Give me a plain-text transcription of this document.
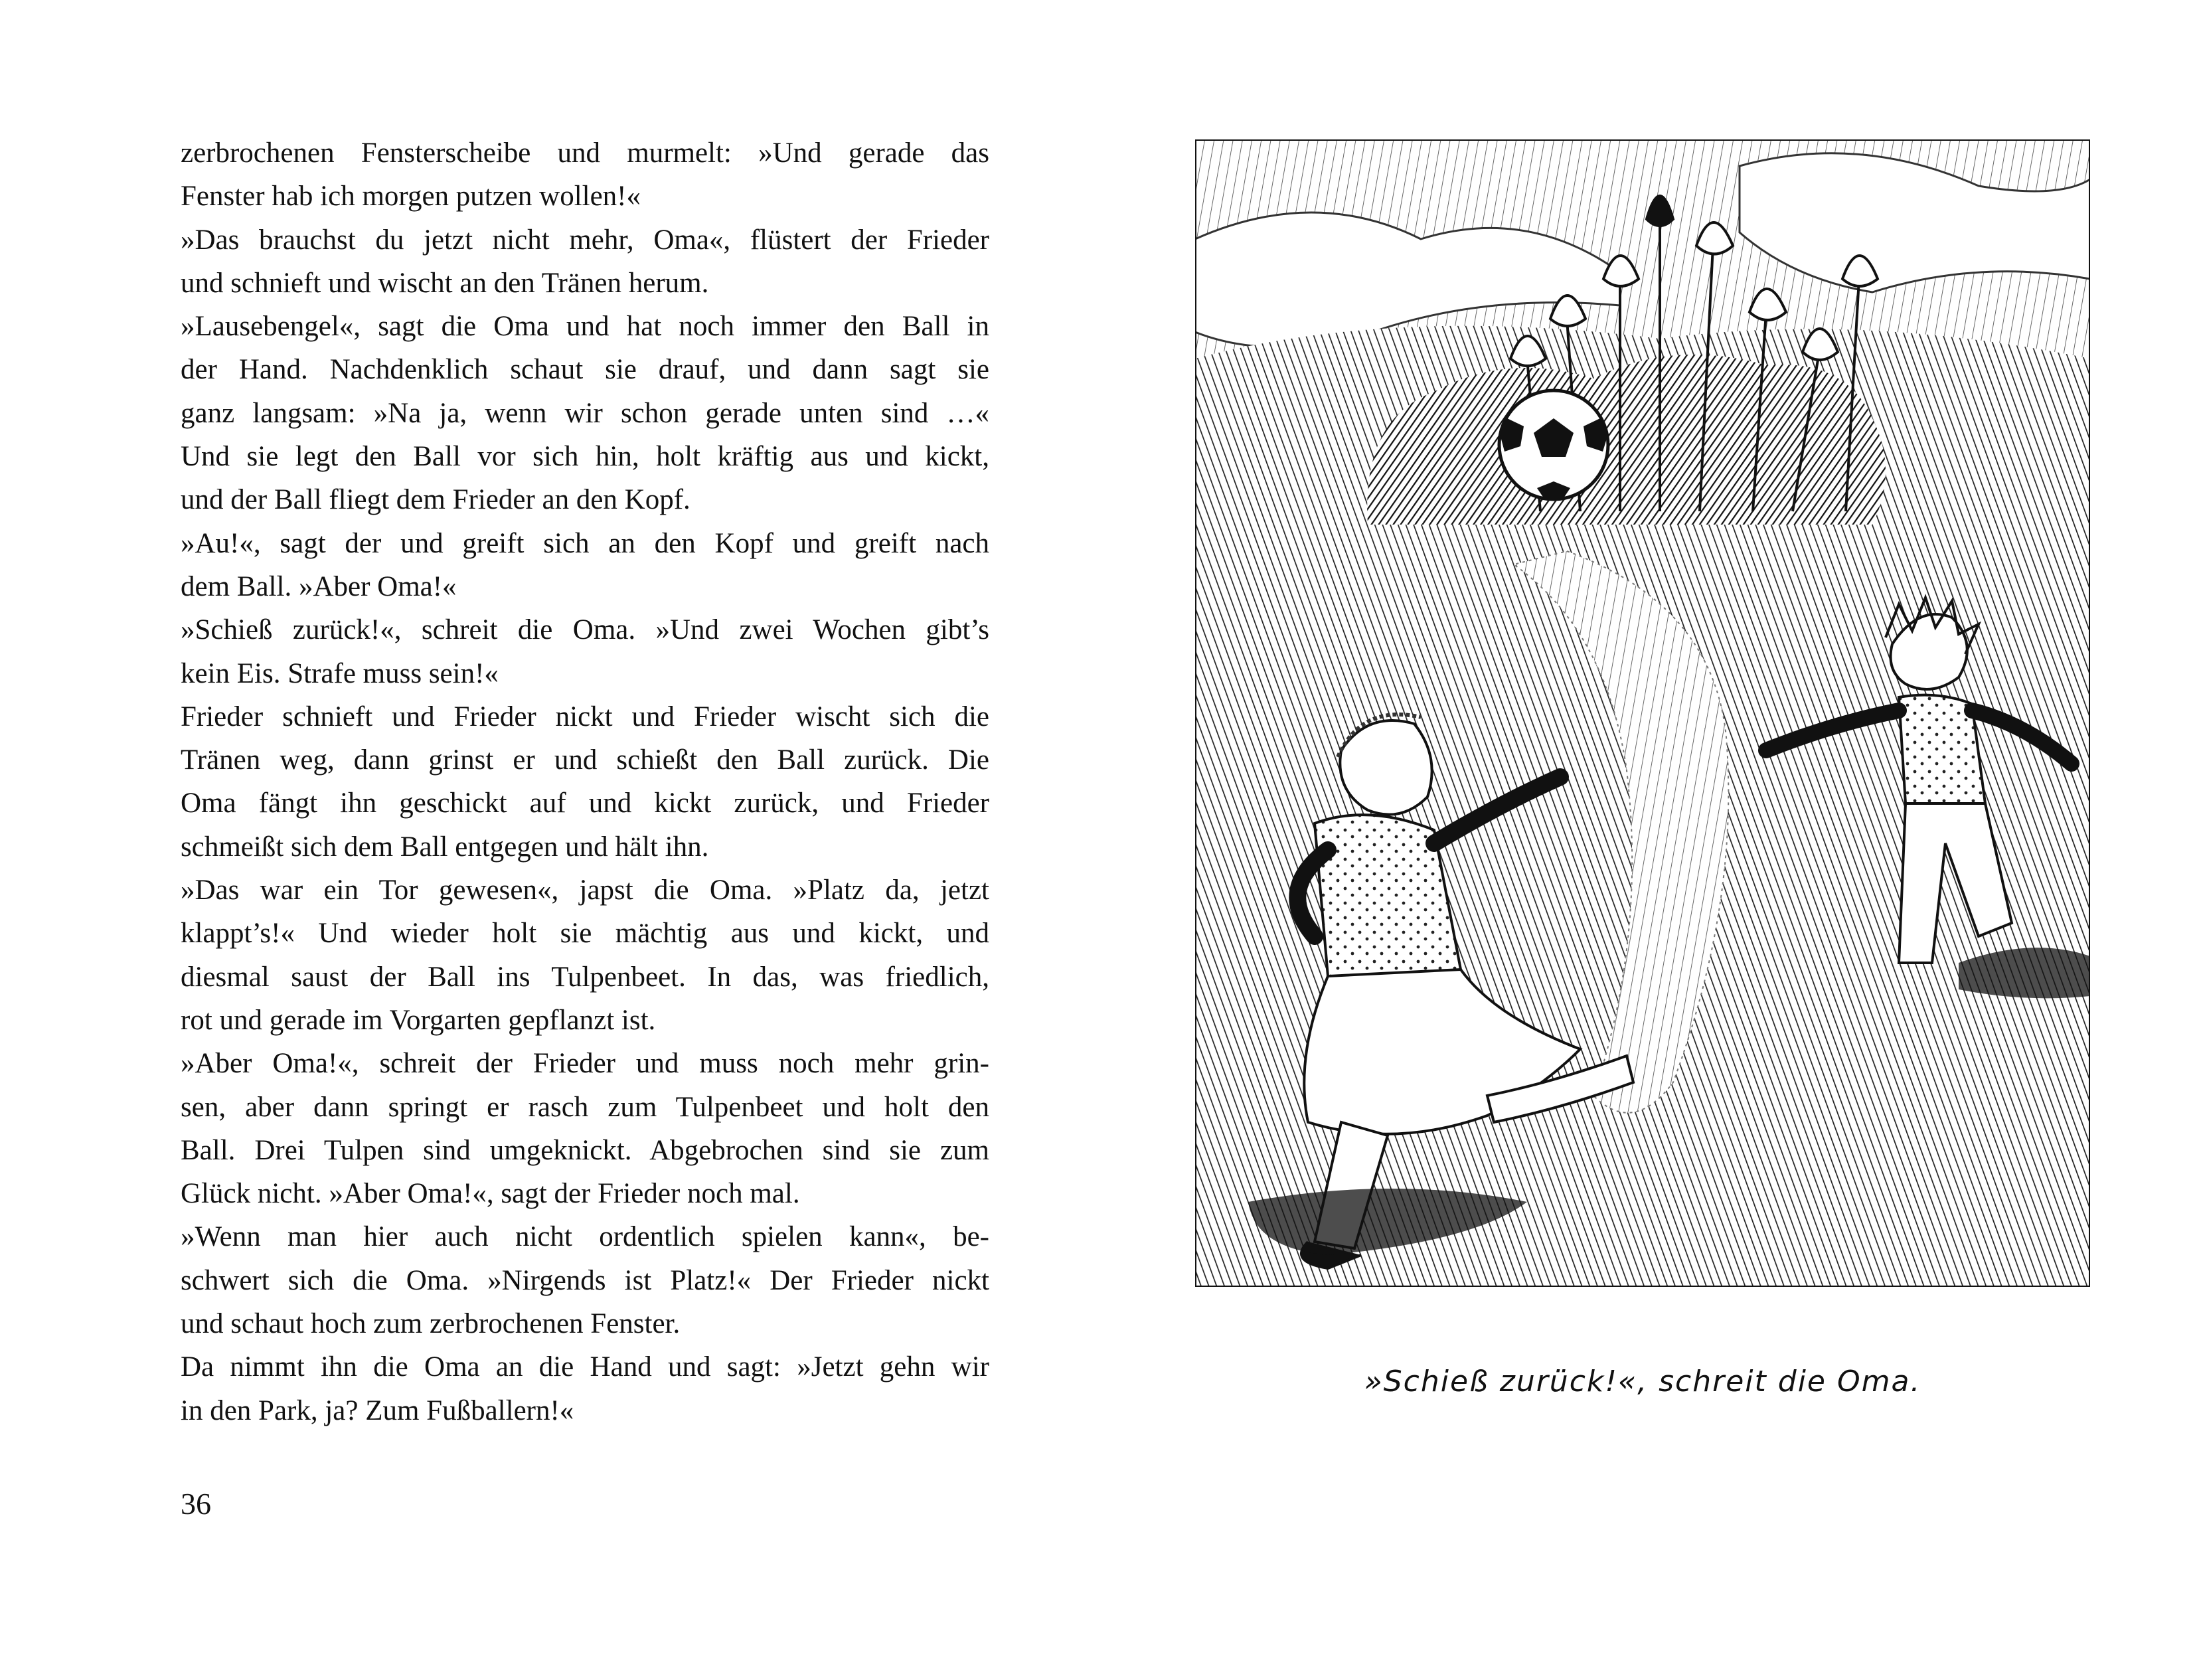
zerbrochenen Fensterscheibe und murmelt: »Und gerade das
Fenster hab ich morgen putzen wollen!«
»Das brauchst du jetzt nicht mehr, Oma«, flüstert der Frieder
und schnieft und wischt an den Tränen herum.
»Lausebengel«, sagt die Oma und hat noch immer den Ball in
der Hand. Nachdenklich schaut sie drauf, und dann sagt sie
ganz langsam: »Na ja, wenn wir schon gerade unten sind …«
Und sie legt den Ball vor sich hin, holt kräftig aus und kickt,
und der Ball fliegt dem Frieder an den Kopf.
»Au!«, sagt der und greift sich an den Kopf und greift nach
dem Ball. »Aber Oma!«
»Schieß zurück!«, schreit die Oma. »Und zwei Wochen gibt’s
kein Eis. Strafe muss sein!«
Frieder schnieft und Frieder nickt und Frieder wischt sich die
Tränen weg, dann grinst er und schießt den Ball zurück. Die
Oma fängt ihn geschickt auf und kickt zurück, und Frieder
schmeißt sich dem Ball entgegen und hält ihn.
»Das war ein Tor gewesen«, japst die Oma. »Platz da, jetzt
klappt’s!« Und wieder holt sie mächtig aus und kickt, und
diesmal saust der Ball ins Tulpenbeet. In das, was friedlich,
rot und gerade im Vorgarten gepflanzt ist.
»Aber Oma!«, schreit der Frieder und muss noch mehr grin-
sen, aber dann springt er rasch zum Tulpenbeet und holt den
Ball. Drei Tulpen sind umgeknickt. Abgebrochen sind sie zum
Glück nicht. »Aber Oma!«, sagt der Frieder noch mal.
»Wenn man hier auch nicht ordentlich spielen kann«, be-
schwert sich die Oma. »Nirgends ist Platz!« Der Frieder nickt
und schaut hoch zum zerbrochenen Fenster.
Da nimmt ihn die Oma an die Hand und sagt: »Jetzt gehn wir
in den Park, ja? Zum Fußballern!«
36
»Schieß zurück!«, schreit die Oma.
